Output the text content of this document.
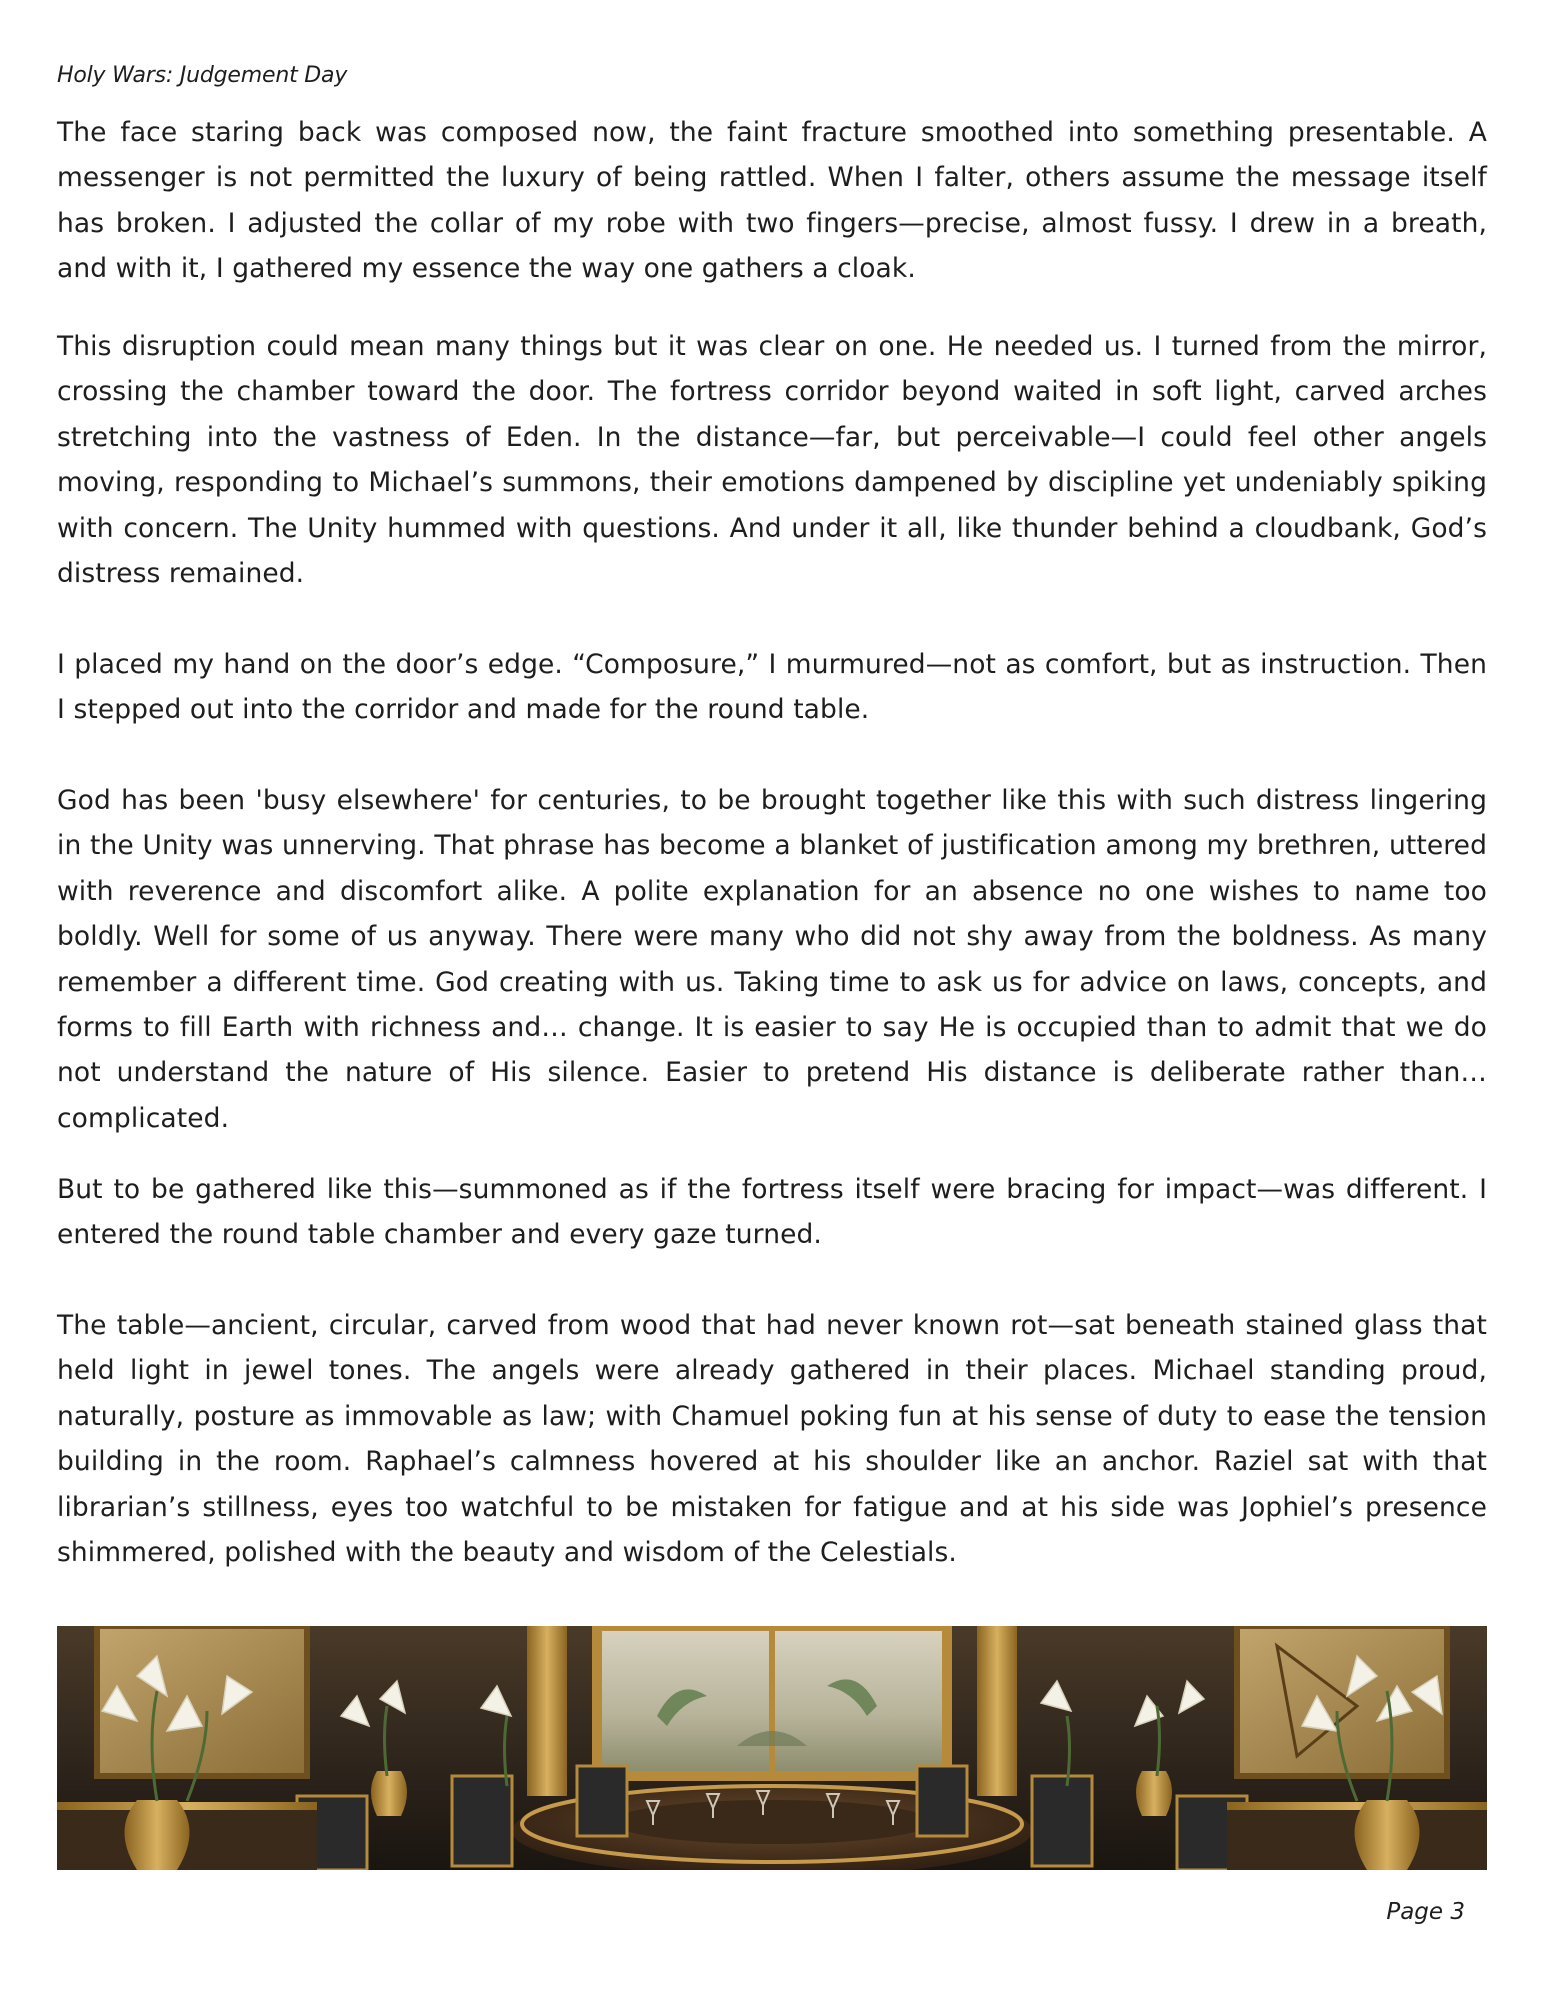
Holy Wars: Judgement Day

The face staring back was composed now, the faint fracture smoothed into something presentable. A messenger is not permitted the luxury of being rattled. When I falter, others assume the message itself has broken. I adjusted the collar of my robe with two fingers—precise, almost fussy. I drew in a breath, and with it, I gathered my essence the way one gathers a cloak.

This disruption could mean many things but it was clear on one. He needed us. I turned from the mirror, crossing the chamber toward the door. The fortress corridor beyond waited in soft light, carved arches stretching into the vastness of Eden. In the distance—far, but perceivable—I could feel other angels moving, responding to Michael’s summons, their emotions dampened by discipline yet undeniably spiking with concern. The Unity hummed with questions. And under it all, like thunder behind a cloudbank, God’s distress remained.

I placed my hand on the door’s edge. “Composure,” I murmured—not as comfort, but as instruction. Then I stepped out into the corridor and made for the round table.

God has been 'busy elsewhere' for centuries, to be brought together like this with such distress lingering in the Unity was unnerving. That phrase has become a blanket of justification among my brethren, uttered with reverence and discomfort alike. A polite explanation for an absence no one wishes to name too boldly. Well for some of us anyway. There were many who did not shy away from the boldness. As many remember a different time. God creating with us. Taking time to ask us for advice on laws, concepts, and forms to fill Earth with richness and… change. It is easier to say He is occupied than to admit that we do not understand the nature of His silence. Easier to pretend His distance is deliberate rather than… complicated.

But to be gathered like this—summoned as if the fortress itself were bracing for impact—was different. I entered the round table chamber and every gaze turned.

The table—ancient, circular, carved from wood that had never known rot—sat beneath stained glass that held light in jewel tones. The angels were already gathered in their places. Michael standing proud, naturally, posture as immovable as law; with Chamuel poking fun at his sense of duty to ease the tension building in the room. Raphael’s calmness hovered at his shoulder like an anchor. Raziel sat with that librarian’s stillness, eyes too watchful to be mistaken for fatigue and at his side was Jophiel’s presence shimmered, polished with the beauty and wisdom of the Celestials.

Page 3
